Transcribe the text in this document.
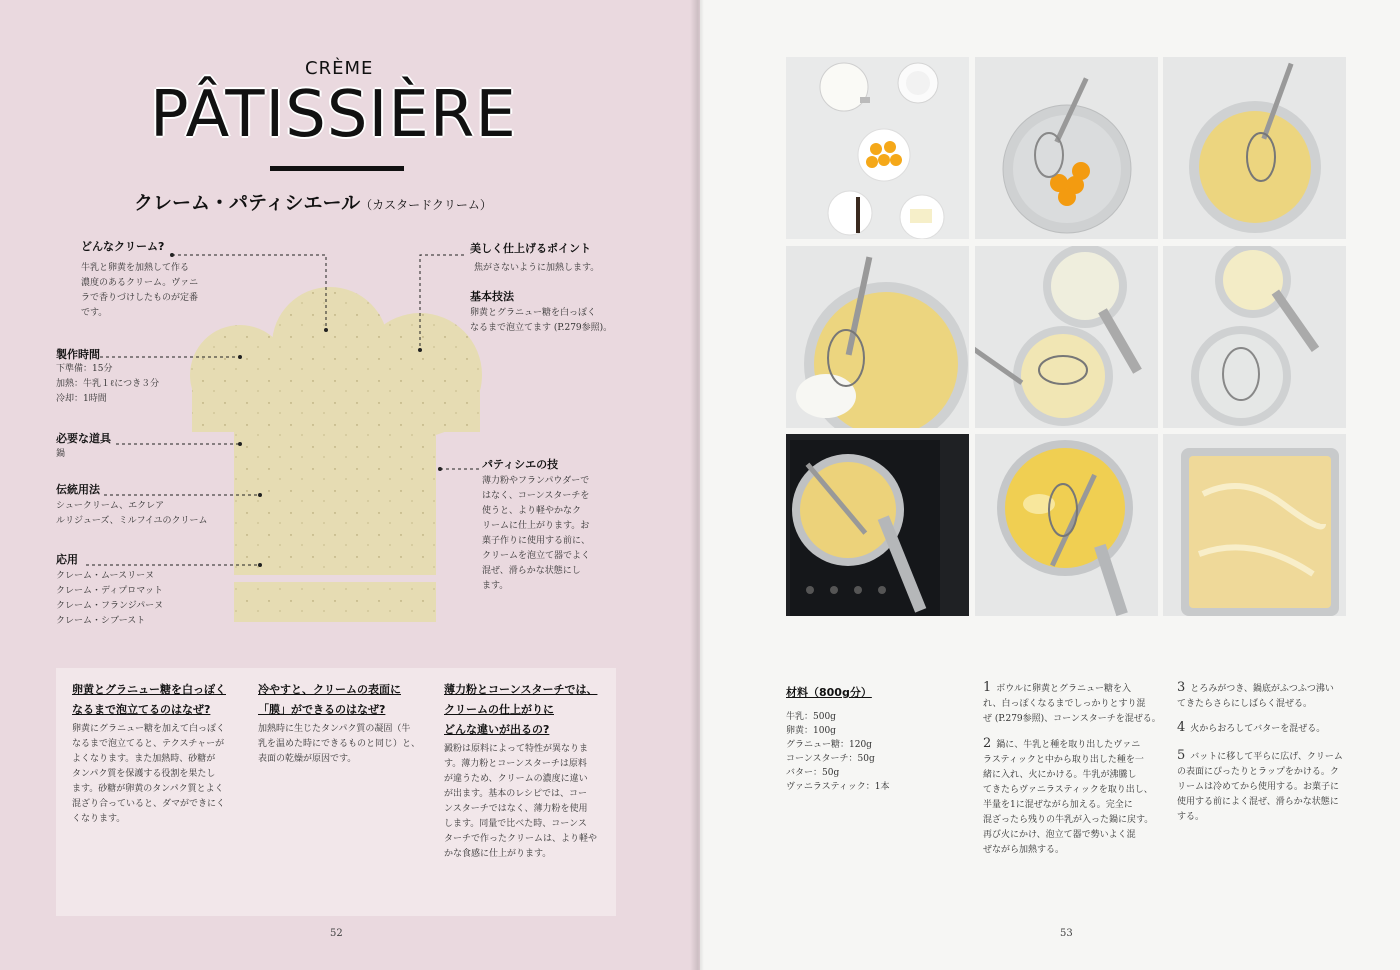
CRÈME
PÂTISSIÈRE
クレーム・パティシエール（カスタードクリーム）
どんなクリーム?
牛乳と卵黄を加熱して作る
濃度のあるクリーム。ヴァニ
ラで香りづけしたものが定番
です。
製作時間
下準備：15分
加熱：牛乳１ℓにつき３分
冷却：1時間
必要な道具
鍋
伝統用法
シュークリーム、エクレア
ルリジューズ、ミルフイユのクリーム
応用
クレーム・ムースリーヌ
クレーム・ディプロマット
クレーム・フランジパーヌ
クレーム・シブースト
美しく仕上げるポイント
焦がさないように加熱します。
基本技法
卵黄とグラニュー糖を白っぽく
なるまで泡立てます (P.279参照)。
パティシエの技
薄力粉やフランパウダーで
はなく、コーンスターチを
使うと、より軽やかなク
リームに仕上がります。お
菓子作りに使用する前に、
クリームを泡立て器でよく
混ぜ、滑らかな状態にし
ます。
卵黄とグラニュー糖を白っぽく
なるまで泡立てるのはなぜ?
卵黄にグラニュー糖を加えて白っぽく
なるまで泡立てると、テクスチャーが
よくなります。また加熱時、砂糖が
タンパク質を保護する役割を果たし
ます。砂糖が卵黄のタンパク質とよく
混ざり合っていると、ダマができにく
くなります。
冷やすと、クリームの表面に
「膜」ができるのはなぜ?
加熱時に生じたタンパク質の凝固（牛
乳を温めた時にできるものと同じ）と、
表面の乾燥が原因です。
薄力粉とコーンスターチでは、
クリームの仕上がりに
どんな違いが出るの?
澱粉は原料によって特性が異なりま
す。薄力粉とコーンスターチは原料
が違うため、クリームの濃度に違い
が出ます。基本のレシピでは、コー
ンスターチではなく、薄力粉を使用
します。同量で比べた時、コーンス
ターチで作ったクリームは、より軽や
かな食感に仕上がります。
52	53
材料（800g分）
牛乳：500g
卵黄：100g
グラニュー糖：120g
コーンスターチ：50g
バター：50g
ヴァニラスティック：1本
1 ボウルに卵黄とグラニュー糖を入
れ、白っぽくなるまでしっかりとすり混
ぜ (P.279参照)、コーンスターチを混ぜる。
2 鍋に、牛乳と種を取り出したヴァニ
ラスティックと中から取り出した種を一
緒に入れ、火にかける。牛乳が沸騰し
てきたらヴァニラスティックを取り出し、
半量を1に混ぜながら加える。完全に
混ざったら残りの牛乳が入った鍋に戻す。
再び火にかけ、泡立て器で勢いよく混
ぜながら加熱する。
3 とろみがつき、鍋底がふつふつ沸い
てきたらさらにしばらく混ぜる。
4 火からおろしてバターを混ぜる。
5 バットに移して平らに広げ、クリーム
の表面にぴったりとラップをかける。ク
リームは冷めてから使用する。お菓子に
使用する前によく混ぜ、滑らかな状態に
する。
